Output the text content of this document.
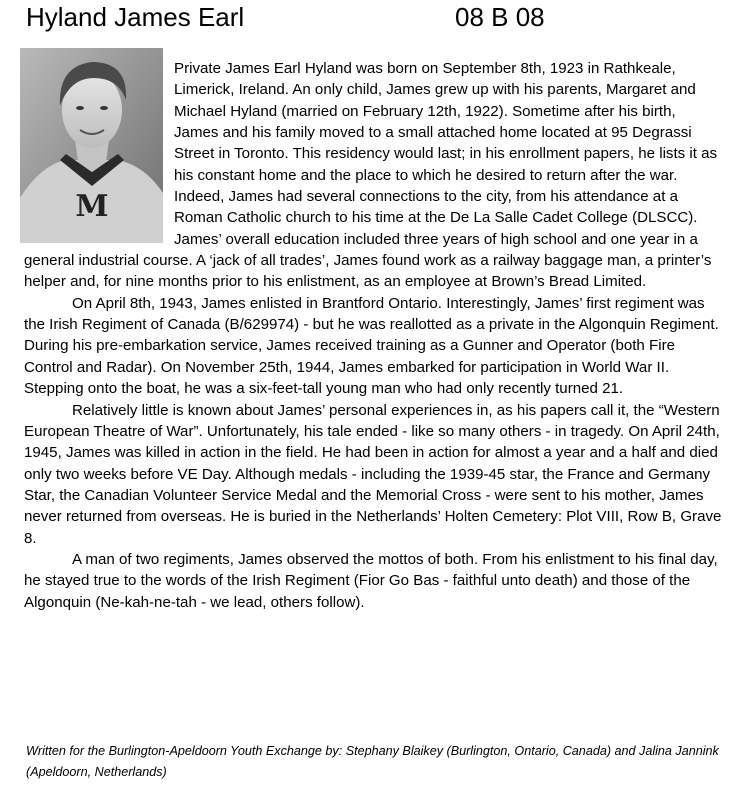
Hyland James Earl	08 B 08
M

Private James Earl Hyland was born on September 8th, 1923 in Rathkeale, Limerick, Ireland. An only child, James grew up with his parents, Margaret and Michael Hyland (married on February 12th, 1922). Sometime after his birth, James and his family moved to a small attached home located at 95 Degrassi Street in Toronto. This residency would last; in his enrollment papers, he lists it as his constant home and the place to which he desired to return after the war. Indeed, James had several connections to the city, from his attendance at a Roman Catholic church to his time at the De La Salle Cadet College (DLSCC). James’ overall education included three years of high school and one year in a general industrial course. A ‘jack of all trades’, James found work as a railway baggage man, a printer’s helper and, for nine months prior to his enlistment, as an employee at Brown’s Bread Limited.

On April 8th, 1943, James enlisted in Brantford Ontario. Interestingly, James’ first regiment was the Irish Regiment of Canada (B/629974) - but he was reallotted as a private in the Algonquin Regiment. During his pre-embarkation service, James received training as a Gunner and Operator (both Fire Control and Radar). On November 25th, 1944, James embarked for participation in World War II. Stepping onto the boat, he was a six-feet-tall young man who had only recently turned 21.

Relatively little is known about James’ personal experiences in, as his papers call it, the “Western European Theatre of War”. Unfortunately, his tale ended - like so many others - in tragedy. On April 24th, 1945, James was killed in action in the field. He had been in action for almost a year and a half and died only two weeks before VE Day. Although medals - including the 1939-45 star, the France and Germany Star, the Canadian Volunteer Service Medal and the Memorial Cross - were sent to his mother, James never returned from overseas. He is buried in the Netherlands’ Holten Cemetery: Plot VIII, Row B, Grave 8.

A man of two regiments, James observed the mottos of both. From his enlistment to his final day, he stayed true to the words of the Irish Regiment (Fior Go Bas - faithful unto death) and those of the Algonquin (Ne-kah-ne-tah - we lead, others follow).

Written for the Burlington-Apeldoorn Youth Exchange by: Stephany Blaikey (Burlington, Ontario, Canada) and Jalina Jannink (Apeldoorn, Netherlands)
